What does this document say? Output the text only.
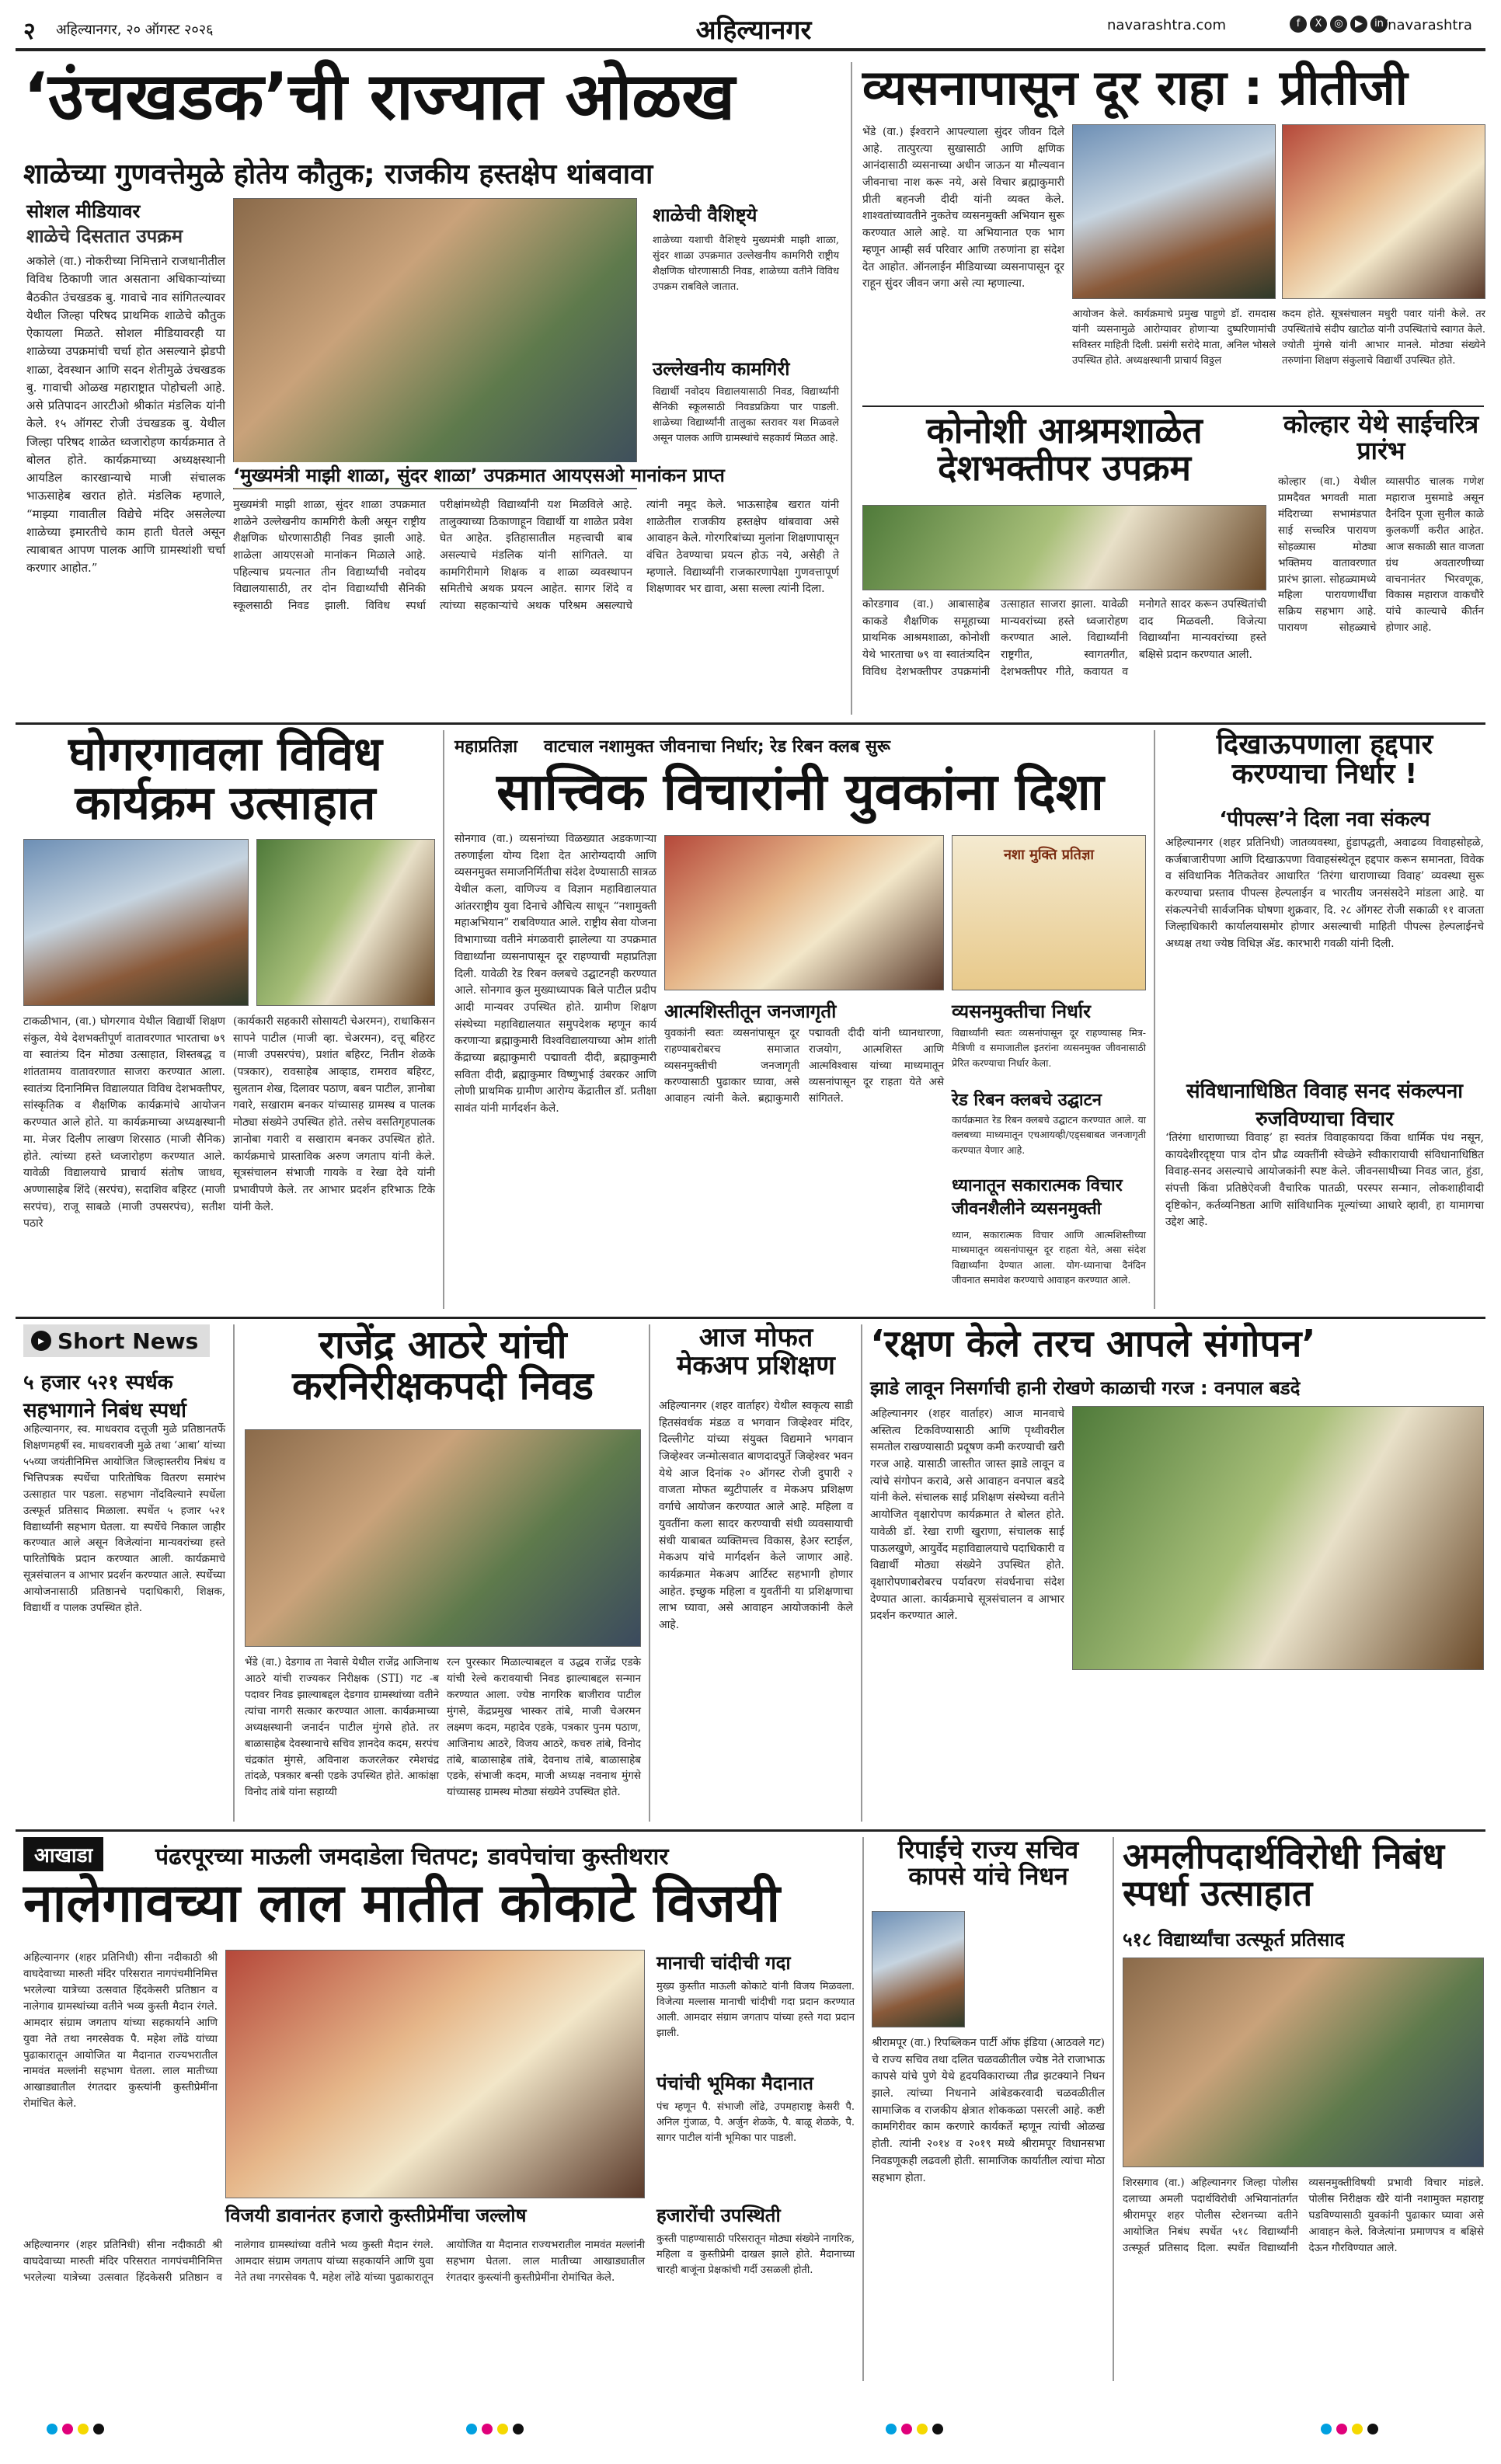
२ अहिल्यानगर, २० ऑगस्ट २०२६	अहिल्यानगर	navarashtra.com	f	X	◎	▶	in /navarashtra
‘उंचखडक’ची राज्यात ओळख
शाळेच्या गुणवत्तेमुळे होतेय कौतुक; राजकीय हस्तक्षेप थांबवावा
सोशल मीडियावर
शाळेचे दिसतात उपक्रम
अकोले (वा.) नोकरीच्या निमित्ताने राजधानीतील विविध ठिकाणी जात असताना अधिकाऱ्यांच्या बैठकीत उंचखडक बु. गावाचे नाव सांगितल्यावर येथील जिल्हा परिषद प्राथमिक शाळेचे कौतुक ऐकायला मिळते. सोशल मीडियावरही या शाळेच्या उपक्रमांची चर्चा होत असल्याने झेडपी शाळा, देवस्थान आणि सदन शेतीमुळे उंचखडक बु. गावाची ओळख महाराष्ट्रात पोहोचली आहे. असे प्रतिपादन आरटीओ श्रीकांत मंडलिक यांनी केले. १५ ऑगस्ट रोजी उंचखडक बु. येथील जिल्हा परिषद शाळेत ध्वजारोहण कार्यक्रमात ते बोलत होते. कार्यक्रमाच्या अध्यक्षस्थानी आयडिल कारखान्याचे माजी संचालक भाऊसाहेब खरात होते. मंडलिक म्हणाले, “माझ्या गावातील विद्येचे मंदिर असलेल्या शाळेच्या इमारतीचे काम हाती घेतले असून त्याबाबत आपण पालक आणि ग्रामस्थांशी चर्चा करणार आहोत.”
शाळेची वैशिष्ट्ये
शाळेच्या यशाची वैशिष्ट्ये मुख्यमंत्री माझी शाळा, सुंदर शाळा उपक्रमात उल्लेखनीय कामगिरी राष्ट्रीय शैक्षणिक धोरणासाठी निवड, शाळेच्या वतीने विविध उपक्रम राबविले जातात.
उल्लेखनीय कामगिरी
विद्यार्थी नवोदय विद्यालयासाठी निवड, विद्यार्थ्यांनी सैनिकी स्कूलसाठी निवडप्रक्रिया पार पाडली. शाळेच्या विद्यार्थ्यांनी तालुका स्तरावर यश मिळवले असून पालक आणि ग्रामस्थांचे सहकार्य मिळत आहे.
‘मुख्यमंत्री माझी शाळा, सुंदर शाळा’ उपक्रमात आयएसओ मानांकन प्राप्त
मुख्यमंत्री माझी शाळा, सुंदर शाळा उपक्रमात शाळेने उल्लेखनीय कामगिरी केली असून राष्ट्रीय शैक्षणिक धोरणासाठीही निवड झाली आहे. शाळेला आयएसओ मानांकन मिळाले आहे. पहिल्याच प्रयत्नात तीन विद्यार्थ्यांची नवोदय विद्यालयासाठी, तर दोन विद्यार्थ्यांची सैनिकी स्कूलसाठी निवड झाली. विविध स्पर्धा परीक्षांमध्येही विद्यार्थ्यांनी यश मिळविले आहे. तालुक्याच्या ठिकाणाहून विद्यार्थी या शाळेत प्रवेश घेत आहेत. इतिहासातील महत्त्वाची बाब असल्याचे मंडलिक यांनी सांगितले. या कामगिरीमागे शिक्षक व शाळा व्यवस्थापन समितीचे अथक प्रयत्न आहेत. सागर शिंदे व त्यांच्या सहकाऱ्यांचे अथक परिश्रम असल्याचे त्यांनी नमूद केले. भाऊसाहेब खरात यांनी शाळेतील राजकीय हस्तक्षेप थांबवावा असे आवाहन केले. गोरगरिबांच्या मुलांना शिक्षणापासून वंचित ठेवण्याचा प्रयत्न होऊ नये, असेही ते म्हणाले. विद्यार्थ्यांनी राजकारणापेक्षा गुणवत्तापूर्ण शिक्षणावर भर द्यावा, असा सल्ला त्यांनी दिला.
व्यसनापासून दूर राहा : प्रीतीजी
भेंडे (वा.) ईश्वराने आपल्याला सुंदर जीवन दिले आहे. तात्पुरत्या सुखासाठी आणि क्षणिक आनंदासाठी व्यसनाच्या अधीन जाऊन या मौल्यवान जीवनाचा नाश करू नये, असे विचार ब्रह्माकुमारी प्रीती बहनजी दीदी यांनी व्यक्त केले. शाश्वतांच्यावतीने नुकतेच व्यसनमुक्ती अभियान सुरू करण्यात आले आहे. या अभियानात एक भाग म्हणून आम्ही सर्व परिवार आणि तरुणांना हा संदेश देत आहोत. ऑनलाईन मीडियाच्या व्यसनापासून दूर राहून सुंदर जीवन जगा असे त्या म्हणाल्या.
आयोजन केले. कार्यक्रमाचे प्रमुख पाहुणे डॉ. रामदास यांनी व्यसनामुळे आरोग्यावर होणाऱ्या दुष्परिणामांची सविस्तर माहिती दिली. प्रसंगी सरोदे माता, अनिल भोसले उपस्थित होते. अध्यक्षस्थानी प्राचार्य विठ्ठल
कदम होते. सूत्रसंचालन मधुरी पवार यांनी केले. तर उपस्थितांचे संदीप खाटोळ यांनी उपस्थितांचे स्वागत केले. ज्योती मुंगसे यांनी आभार मानले. मोठ्या संख्येने तरुणांना शिक्षण संकुलाचे विद्यार्थी उपस्थित होते.
कोनोशी आश्रमशाळेत देशभक्तीपर उपक्रम
कोरडगाव (वा.) आबासाहेब काकडे शैक्षणिक समूहाच्या प्राथमिक आश्रमशाळा, कोनोशी येथे भारताचा ७९ वा स्वातंत्र्यदिन विविध देशभक्तीपर उपक्रमांनी उत्साहात साजरा झाला. यावेळी मान्यवरांच्या हस्ते ध्वजारोहण करण्यात आले. विद्यार्थ्यांनी राष्ट्रगीत, स्वागतगीत, देशभक्तीपर गीते, कवायत व मनोगते सादर करून उपस्थितांची दाद मिळवली. विजेत्या विद्यार्थ्यांना मान्यवरांच्या हस्ते बक्षिसे प्रदान करण्यात आली.
कोल्हार येथे साईचरित्र प्रारंभ
कोल्हार (वा.) येथील प्रामदैवत भगवती माता मंदिराच्या सभामंडपात साई सच्चरित्र पारायण सोहळ्यास मोठ्या भक्तिमय वातावरणात प्रारंभ झाला. सोहळ्यामध्ये महिला पारायणार्थींचा सक्रिय सहभाग आहे. पारायण सोहळ्याचे व्यासपीठ चालक गणेश महाराज मुसमाडे असून दैनंदिन पूजा सुनील काळे कुलकर्णी करीत आहेत. आज सकाळी सात वाजता ग्रंथ अवतारणीच्या वाचनानंतर भिरवणूक, विकास महाराज वाकचौरे यांचे काल्याचे कीर्तन होणार आहे.
घोगरगावला विविध कार्यक्रम उत्साहात
टाकळीभान, (वा.) घोगरगाव येथील विद्यार्थी शिक्षण संकुल, येथे देशभक्तीपूर्ण वातावरणात भारताचा ७९ वा स्वातंत्र्य दिन मोठ्या उत्साहात, शिस्तबद्ध व शांततामय वातावरणात साजरा करण्यात आला. स्वातंत्र्य दिनानिमित्त विद्यालयात विविध देशभक्तीपर, सांस्कृतिक व शैक्षणिक कार्यक्रमांचे आयोजन करण्यात आले होते. या कार्यक्रमाच्या अध्यक्षस्थानी मा. मेजर दिलीप लाखण शिरसाठ (माजी सैनिक) होते. त्यांच्या हस्ते ध्वजारोहण करण्यात आले. यावेळी विद्यालयाचे प्राचार्य संतोष जाधव, अण्णासाहेब शिंदे (सरपंच), सदाशिव बहिरट (माजी सरपंच), राजू साबळे (माजी उपसरपंच), सतीश पठारे
(कार्यकारी सहकारी सोसायटी चेअरमन), राधाकिसन सापने पाटील (माजी व्हा. चेअरमन), दत्तू बहिरट (माजी उपसरपंच), प्रशांत बहिरट, नितीन शेळके (पत्रकार), रावसाहेब आव्हाड, रामराव बहिरट, सुलतान शेख, दिलावर पठाण, बबन पाटील, ज्ञानोबा गवारे, सखाराम बनकर यांच्यासह ग्रामस्थ व पालक मोठ्या संख्येने उपस्थित होते. तसेच वसतिगृहपालक ज्ञानोबा गवारी व सखाराम बनकर उपस्थित होते. कार्यक्रमाचे प्रास्ताविक अरुण जगताप यांनी केले. सूत्रसंचालन संभाजी गायके व रेखा देवे यांनी प्रभावीपणे केले. तर आभार प्रदर्शन हरिभाऊ टिके यांनी केले.
महाप्रतिज्ञा	वाटचाल नशामुक्त जीवनाचा निर्धार; रेड रिबन क्लब सुरू
सात्त्विक विचारांनी युवकांना दिशा
सोनगाव (वा.) व्यसनांच्या विळख्यात अडकणाऱ्या तरुणाईला योग्य दिशा देत आरोग्यदायी आणि व्यसनमुक्त समाजनिर्मितीचा संदेश देण्यासाठी सात्रळ येथील कला, वाणिज्य व विज्ञान महाविद्यालयात आंतरराष्ट्रीय युवा दिनाचे औचित्य साधून “नशामुक्ती महाअभियान” राबविण्यात आले. राष्ट्रीय सेवा योजना विभागाच्या वतीने मंगळवारी झालेल्या या उपक्रमात विद्यार्थ्यांना व्यसनापासून दूर राहण्याची महाप्रतिज्ञा दिली. यावेळी रेड रिबन क्लबचे उद्घाटनही करण्यात आले. सोनगाव कुल मुख्याध्यापक बिले पाटील प्रदीप आदी मान्यवर उपस्थित होते. ग्रामीण शिक्षण संस्थेच्या महाविद्यालयात समुपदेशक म्हणून कार्य करणाऱ्या ब्रह्माकुमारी विश्वविद्यालयाच्या ओम शांती केंद्राच्या ब्रह्माकुमारी पद्मावती दीदी, ब्रह्माकुमारी सविता दीदी, ब्रह्माकुमार विष्णुभाई उंबरकर आणि लोणी प्राथमिक ग्रामीण आरोग्य केंद्रातील डॉ. प्रतीक्षा सावंत यांनी मार्गदर्शन केले.
नशा मुक्ति प्रतिज्ञा
आत्मशिस्तीतून जनजागृती
युवकांनी स्वतः व्यसनांपासून दूर राहण्याबरोबरच समाजात व्यसनमुक्तीची जनजागृती करण्यासाठी पुढाकार घ्यावा, असे आवाहन त्यांनी केले. ब्रह्माकुमारी पद्मावती दीदी यांनी ध्यानधारणा, राजयोग, आत्मशिस्त आणि आत्मविश्वास यांच्या माध्यमातून व्यसनांपासून दूर राहता येते असे सांगितले.
व्यसनमुक्तीचा निर्धार
विद्यार्थ्यांनी स्वतः व्यसनांपासून दूर राहण्यासह मित्र-मैत्रिणी व समाजातील इतरांना व्यसनमुक्त जीवनासाठी प्रेरित करण्याचा निर्धार केला.
रेड रिबन क्लबचे उद्घाटन
कार्यक्रमात रेड रिबन क्लबचे उद्घाटन करण्यात आले. या क्लबच्या माध्यमातून एचआयव्ही/एड्सबाबत जनजागृती करण्यात येणार आहे.
ध्यानातून सकारात्मक विचार जीवनशैलीने व्यसनमुक्ती
ध्यान, सकारात्मक विचार आणि आत्मशिस्तीच्या माध्यमातून व्यसनांपासून दूर राहता येते, असा संदेश विद्यार्थ्यांना देण्यात आला. योग-ध्यानाचा दैनंदिन जीवनात समावेश करण्याचे आवाहन करण्यात आले.
दिखाऊपणाला हद्दपार करण्याचा निर्धार !
‘पीपल्स’ने दिला नवा संकल्प
अहिल्यानगर (शहर प्रतिनिधी) जातव्यवस्था, हुंडापद्धती, अवाढव्य विवाहसोहळे, कर्जबाजारीपणा आणि दिखाऊपणा विवाहसंस्थेतून हद्दपार करून समानता, विवेक व संविधानिक नैतिकतेवर आधारित ‘तिरंगा धाराणाच्या विवाह’ व्यवस्था सुरू करण्याचा प्रस्ताव पीपल्स हेल्पलाईन व भारतीय जनसंसदेने मांडला आहे. या संकल्पनेची सार्वजनिक घोषणा शुक्रवार, दि. २८ ऑगस्ट रोजी सकाळी ११ वाजता जिल्हाधिकारी कार्यालयासमोर होणार असल्याची माहिती पीपल्स हेल्पलाईनचे अध्यक्ष तथा ज्येष्ठ विधिज्ञ ॲड. कारभारी गवळी यांनी दिली.
संविधानाधिष्ठित विवाह सनद संकल्पना रुजविण्याचा विचार
‘तिरंगा धाराणाच्या विवाह’ हा स्वतंत्र विवाहकायदा किंवा धार्मिक पंथ नसून, कायदेशीरदृष्ट्या पात्र दोन प्रौढ व्यक्तींनी स्वेच्छेने स्वीकारायाची संविधानाधिष्ठित विवाह-सनद असल्याचे आयोजकांनी स्पष्ट केले. जीवनसाथीच्या निवड जात, हुंडा, संपत्ती किंवा प्रतिष्ठेऐवजी वैचारिक पातळी, परस्पर सन्मान, लोकशाहीवादी दृष्टिकोन, कर्तव्यनिष्ठता आणि सांविधानिक मूल्यांच्या आधारे व्हावी, हा यामागचा उद्देश आहे.
▸ Short News
५ हजार ५२१ स्पर्धक सहभागाने निबंध स्पर्धा
अहिल्यानगर, स्व. माधवराव दत्तूजी मुळे प्रतिष्ठानतर्फे शिक्षणमहर्षी स्व. माधवरावजी मुळे तथा ‘आबा’ यांच्या ५५व्या जयंतीनिमित्त आयोजित जिल्हास्तरीय निबंध व भित्तिपत्रक स्पर्धेचा पारितोषिक वितरण समारंभ उत्साहात पार पडला. सहभाग नोंदविल्याने स्पर्धेला उत्स्फूर्त प्रतिसाद मिळाला. स्पर्धेत ५ हजार ५२१ विद्यार्थ्यांनी सहभाग घेतला. या स्पर्धेचे निकाल जाहीर करण्यात आले असून विजेत्यांना मान्यवरांच्या हस्ते पारितोषिके प्रदान करण्यात आली. कार्यक्रमाचे सूत्रसंचालन व आभार प्रदर्शन करण्यात आले. स्पर्धेच्या आयोजनासाठी प्रतिष्ठानचे पदाधिकारी, शिक्षक, विद्यार्थी व पालक उपस्थित होते.
राजेंद्र आठरे यांची करनिरीक्षकपदी निवड
भेंडे (वा.) देडगाव ता नेवासे येथील राजेंद्र आजिनाथ आठरे यांची राज्यकर निरीक्षक (STI) गट -ब पदावर निवड झाल्याबद्दल देडगाव ग्रामस्थांच्या वतीने त्यांचा नागरी सत्कार करण्यात आला. कार्यक्रमाच्या अध्यक्षस्थानी जनार्दन पाटील मुंगसे होते. तर बाळासाहेब देवस्थानाचे सचिव ज्ञानदेव कदम, सरपंच चंद्रकांत मुंगसे, अविनाश कजरलेकर रमेशचंद्र तांदळे, पत्रकार बन्सी एडके उपस्थित होते. आकांक्षा विनोद तांबे यांना सहाय्यी
रत्न पुरस्कार मिळाल्याबद्दल व उद्धव राजेंद्र एडके यांची रेल्वे करावयाची निवड झाल्याबद्दल सन्मान करण्यात आला. ज्येष्ठ नागरिक बाजीराव पाटील मुंगसे, केंद्रप्रमुख भास्कर तांबे, माजी चेअरमन लक्ष्मण कदम, महादेव एडके, पत्रकार पुनम पठाण, आजिनाथ आठरे, विजय आठरे, कचरु तांबे, विनोद तांबे, बाळासाहेब तांबे, देवनाथ तांबे, बाळासाहेब एडके, संभाजी कदम, माजी अध्यक्ष नवनाथ मुंगसे यांच्यासह ग्रामस्थ मोठ्या संख्येने उपस्थित होते.
आज मोफत मेकअप प्रशिक्षण
अहिल्यानगर (शहर वार्ताहर) येथील स्वकृत्य साडी हितसंवर्धक मंडळ व भगवान जिव्हेश्वर मंदिर, दिल्लीगेट यांच्या संयुक्त विद्यमाने भगवान जिव्हेश्वर जन्मोत्सवात बाणदादपुर्ते जिव्हेश्वर भवन येथे आज दिनांक २० ऑगस्ट रोजी दुपारी २ वाजता मोफत ब्युटीपार्लर व मेकअप प्रशिक्षण वर्गाचे आयोजन करण्यात आले आहे. महिला व युवतींना कला सादर करण्याची संधी व्यवसायाची संधी याबाबत व्यक्तिमत्त्व विकास, हेअर स्टाईल, मेकअप यांचे मार्गदर्शन केले जाणार आहे. कार्यक्रमात मेकअप आर्टिस्ट सहभागी होणार आहेत. इच्छुक महिला व युवतींनी या प्रशिक्षणाचा लाभ घ्यावा, असे आवाहन आयोजकांनी केले आहे.
‘रक्षण केले तरच आपले संगोपन’
झाडे लावून निसर्गाची हानी रोखणे काळाची गरज : वनपाल बडदे
अहिल्यानगर (शहर वार्ताहर) आज मानवाचे अस्तित्व टिकविण्यासाठी आणि पृथ्वीवरील समतोल राखण्यासाठी प्रदूषण कमी करण्याची खरी गरज आहे. यासाठी जास्तीत जास्त झाडे लावून व त्यांचे संगोपन करावे, असे आवाहन वनपाल बडदे यांनी केले. संचालक साई प्रशिक्षण संस्थेच्या वतीने आयोजित वृक्षारोपण कार्यक्रमात ते बोलत होते. यावेळी डॉ. रेखा राणी खुराणा, संचालक साई पाऊलखुणे, आयुर्वेद महाविद्यालयाचे पदाधिकारी व विद्यार्थी मोठ्या संख्येने उपस्थित होते. वृक्षारोपणाबरोबरच पर्यावरण संवर्धनाचा संदेश देण्यात आला. कार्यक्रमाचे सूत्रसंचालन व आभार प्रदर्शन करण्यात आले.
आखाडा	पंढरपूरच्या माऊली जमदाडेला चितपट; डावपेचांचा कुस्तीथरार
नालेगावच्या लाल मातीत कोकाटे विजयी
अहिल्यानगर (शहर प्रतिनिधी) सीना नदीकाठी श्री वाघदेवाच्या मारुती मंदिर परिसरात नागपंचमीनिमित्त भरलेल्या यात्रेच्या उत्सवात हिंदकेसरी प्रतिष्ठान व नालेगाव ग्रामस्थांच्या वतीने भव्य कुस्ती मैदान रंगले. आमदार संग्राम जगताप यांच्या सहकार्याने आणि युवा नेते तथा नगरसेवक पै. महेश लोंढे यांच्या पुढाकारातून आयोजित या मैदानात राज्यभरातील नामवंत मल्लांनी सहभाग घेतला. लाल मातीच्या आखाड्यातील रंगतदार कुस्त्यांनी कुस्तीप्रेमींना रोमांचित केले.
विजयी डावानंतर हजारो कुस्तीप्रेमींचा जल्लोष
मानाची चांदीची गदा
मुख्य कुस्तीत माऊली कोकाटे यांनी विजय मिळवला. विजेत्या मल्लास मानाची चांदीची गदा प्रदान करण्यात आली. आमदार संग्राम जगताप यांच्या हस्ते गदा प्रदान झाली.
पंचांची भूमिका मैदानात
पंच म्हणून पै. संभाजी लोंढे, उपमहाराष्ट्र केसरी पै. अनिल गुंजाळ, पै. अर्जुन शेळके, पै. बाळू शेळके, पै. सागर पाटील यांनी भूमिका पार पाडली.
हजारोंची उपस्थिती
कुस्ती पाहण्यासाठी परिसरातून मोठ्या संख्येने नागरिक, महिला व कुस्तीप्रेमी दाखल झाले होते. मैदानाच्या चारही बाजूंना प्रेक्षकांची गर्दी उसळली होती.
अहिल्यानगर (शहर प्रतिनिधी) सीना नदीकाठी श्री वाघदेवाच्या मारुती मंदिर परिसरात नागपंचमीनिमित्त भरलेल्या यात्रेच्या उत्सवात हिंदकेसरी प्रतिष्ठान व नालेगाव ग्रामस्थांच्या वतीने भव्य कुस्ती मैदान रंगले. आमदार संग्राम जगताप यांच्या सहकार्याने आणि युवा नेते तथा नगरसेवक पै. महेश लोंढे यांच्या पुढाकारातून आयोजित या मैदानात राज्यभरातील नामवंत मल्लांनी सहभाग घेतला. लाल मातीच्या आखाड्यातील रंगतदार कुस्त्यांनी कुस्तीप्रेमींना रोमांचित केले.
रिपाईंचे राज्य सचिव कापसे यांचे निधन
श्रीरामपूर (वा.) रिपब्लिकन पार्टी ऑफ इंडिया (आठवले गट) चे राज्य सचिव तथा दलित चळवळीतील ज्येष्ठ नेते राजाभाऊ कापसे यांचे पुणे येथे हृदयविकाराच्या तीव्र झटक्याने निधन झाले. त्यांच्या निधनाने आंबेडकरवादी चळवळीतील सामाजिक व राजकीय क्षेत्रात शोककळा पसरली आहे. कष्टी कामगिरीवर काम करणारे कार्यकर्ते म्हणून त्यांची ओळख होती. त्यांनी २०१४ व २०१९ मध्ये श्रीरामपूर विधानसभा निवडणूकही लढवली होती. सामाजिक कार्यातील त्यांचा मोठा सहभाग होता.
अमलीपदार्थविरोधी निबंध स्पर्धा उत्साहात
५१८ विद्यार्थ्यांचा उत्स्फूर्त प्रतिसाद
शिरसगाव (वा.) अहिल्यानगर जिल्हा पोलीस दलाच्या अमली पदार्थविरोधी अभियानांतर्गत श्रीरामपूर शहर पोलीस स्टेशनच्या वतीने आयोजित निबंध स्पर्धेत ५१८ विद्यार्थ्यांनी उत्स्फूर्त प्रतिसाद दिला. स्पर्धेत विद्यार्थ्यांनी व्यसनमुक्तीविषयी प्रभावी विचार मांडले. पोलीस निरीक्षक खैरे यांनी नशामुक्त महाराष्ट्र घडविण्यासाठी युवकांनी पुढाकार घ्यावा असे आवाहन केले. विजेत्यांना प्रमाणपत्र व बक्षिसे देऊन गौरविण्यात आले.
